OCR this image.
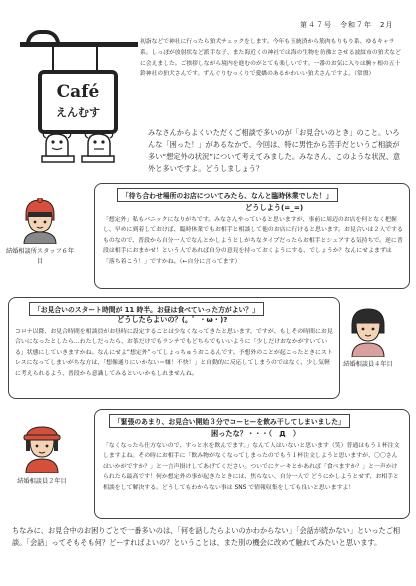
第４７号　令和７年　2月
Café
えんむす
初詣などで神社に行ったら狛犬チェックをします。今年も玉統済から筋肉もりもり系、ゆるキャラ系。しっぽが放射状など派手な子、また海近くの神社では海の生物を彷彿とさせる波紋市の狛犬などに会えました。ご挨拶しながら境内を進むのがとても楽しいです。一番のお気に入りは駒ヶ根の五十鈴神社の狛犬さんです。ずんぐりむっくりで愛嬌のあるかわいい狛犬さんですよ。（常盤）
みなさんからよくいただくご相談で多いのが「お見合いのとき」のこと。いろんな「困った！」があるなかで、今回は、特に男性から苦手だというご相談が多い“想定外の状況”について考えてみました。みなさん、このような状況、意外と多いですよ。どうしましょう？
「待ち合わせ場所のお店についてみたら、なんと臨時休業でした！」
どうしよう(=_=)
「想定外」私もパニックになりがちです。みなさんやっていると思いますが、事前に周辺のお店を何となく把握し、早めに到着しておけば、臨時休業でもお相手と相談して他のお店に行けると思います。お見合いは２人でするものなので、普段から自分一人でなんとかしようとしがちなタイプだったらお相手とシェアする気持ちで。逆に普段は相手におまかせ！という人であれば自分の意見を持っておくようにする、でしょうか？なんにせよまずは「落ち着こう！」ですかね。（←自分に言ってます）
結婚相談所スタッフ６年目
「お見合いのスタート時間が 11 時半。お昼は食べていった方がよい？」
どうしたらよいの？(。゜・ω・)?
コロナ以降、お見合時間を相談員がお昼時に設定することは少なくなってきたと思います。ですが、もしその時間にお見合いになったとしたら…わたしだったら、お茶だけでもランチでもどちらでもいいように「少しだけおなかがすいている」状態にしていきますかね。なんにせよ“想定外”ってしょっちゅうおこるんです。予想外のことが起こったときにストレスになってしまいがちな方は、「想像通りにいかない＝嫌！不快！」と自動的に反応してしまうのではなく、少し気軽に考えられるよう、普段から意識してみるといいかもしれませんね。
結婚相談員４年目
「緊張のあまり、お見合い開始３分でコーヒーを飲み干してしまいました」
困ったな？・・・（　Д　）
「なくなったら仕方ないので、すっと水を飲んでます。」なんて人はいないと思います（笑）普通はもう１杯注文しますよね。その時にお相手に「飲み物がなくなってしまったのでもう１杯注文しようと思いますが、〇〇さんはいかがですか？」と一言声掛けしてあげてください。ついでにケーキとかあれば「食べますか？」と一声かけられたら最高です！何か想定外の事が起きたときには、焦らない、自分一人で どうにかしようとせず、お相手と相談をして解決する。どうしてもわからない事は SNS で情報収集をしても良いと思いますよ！
結婚相談員２年目
ちなみに、お見合中のお困りごとで一番多いのは、「何を話したらよいのかわからない」「会話が続かない」といったご相談。「会話」ってそもそも何？どーすればよいの？ということは、また別の機会に改めて触れてみたいと思います。
